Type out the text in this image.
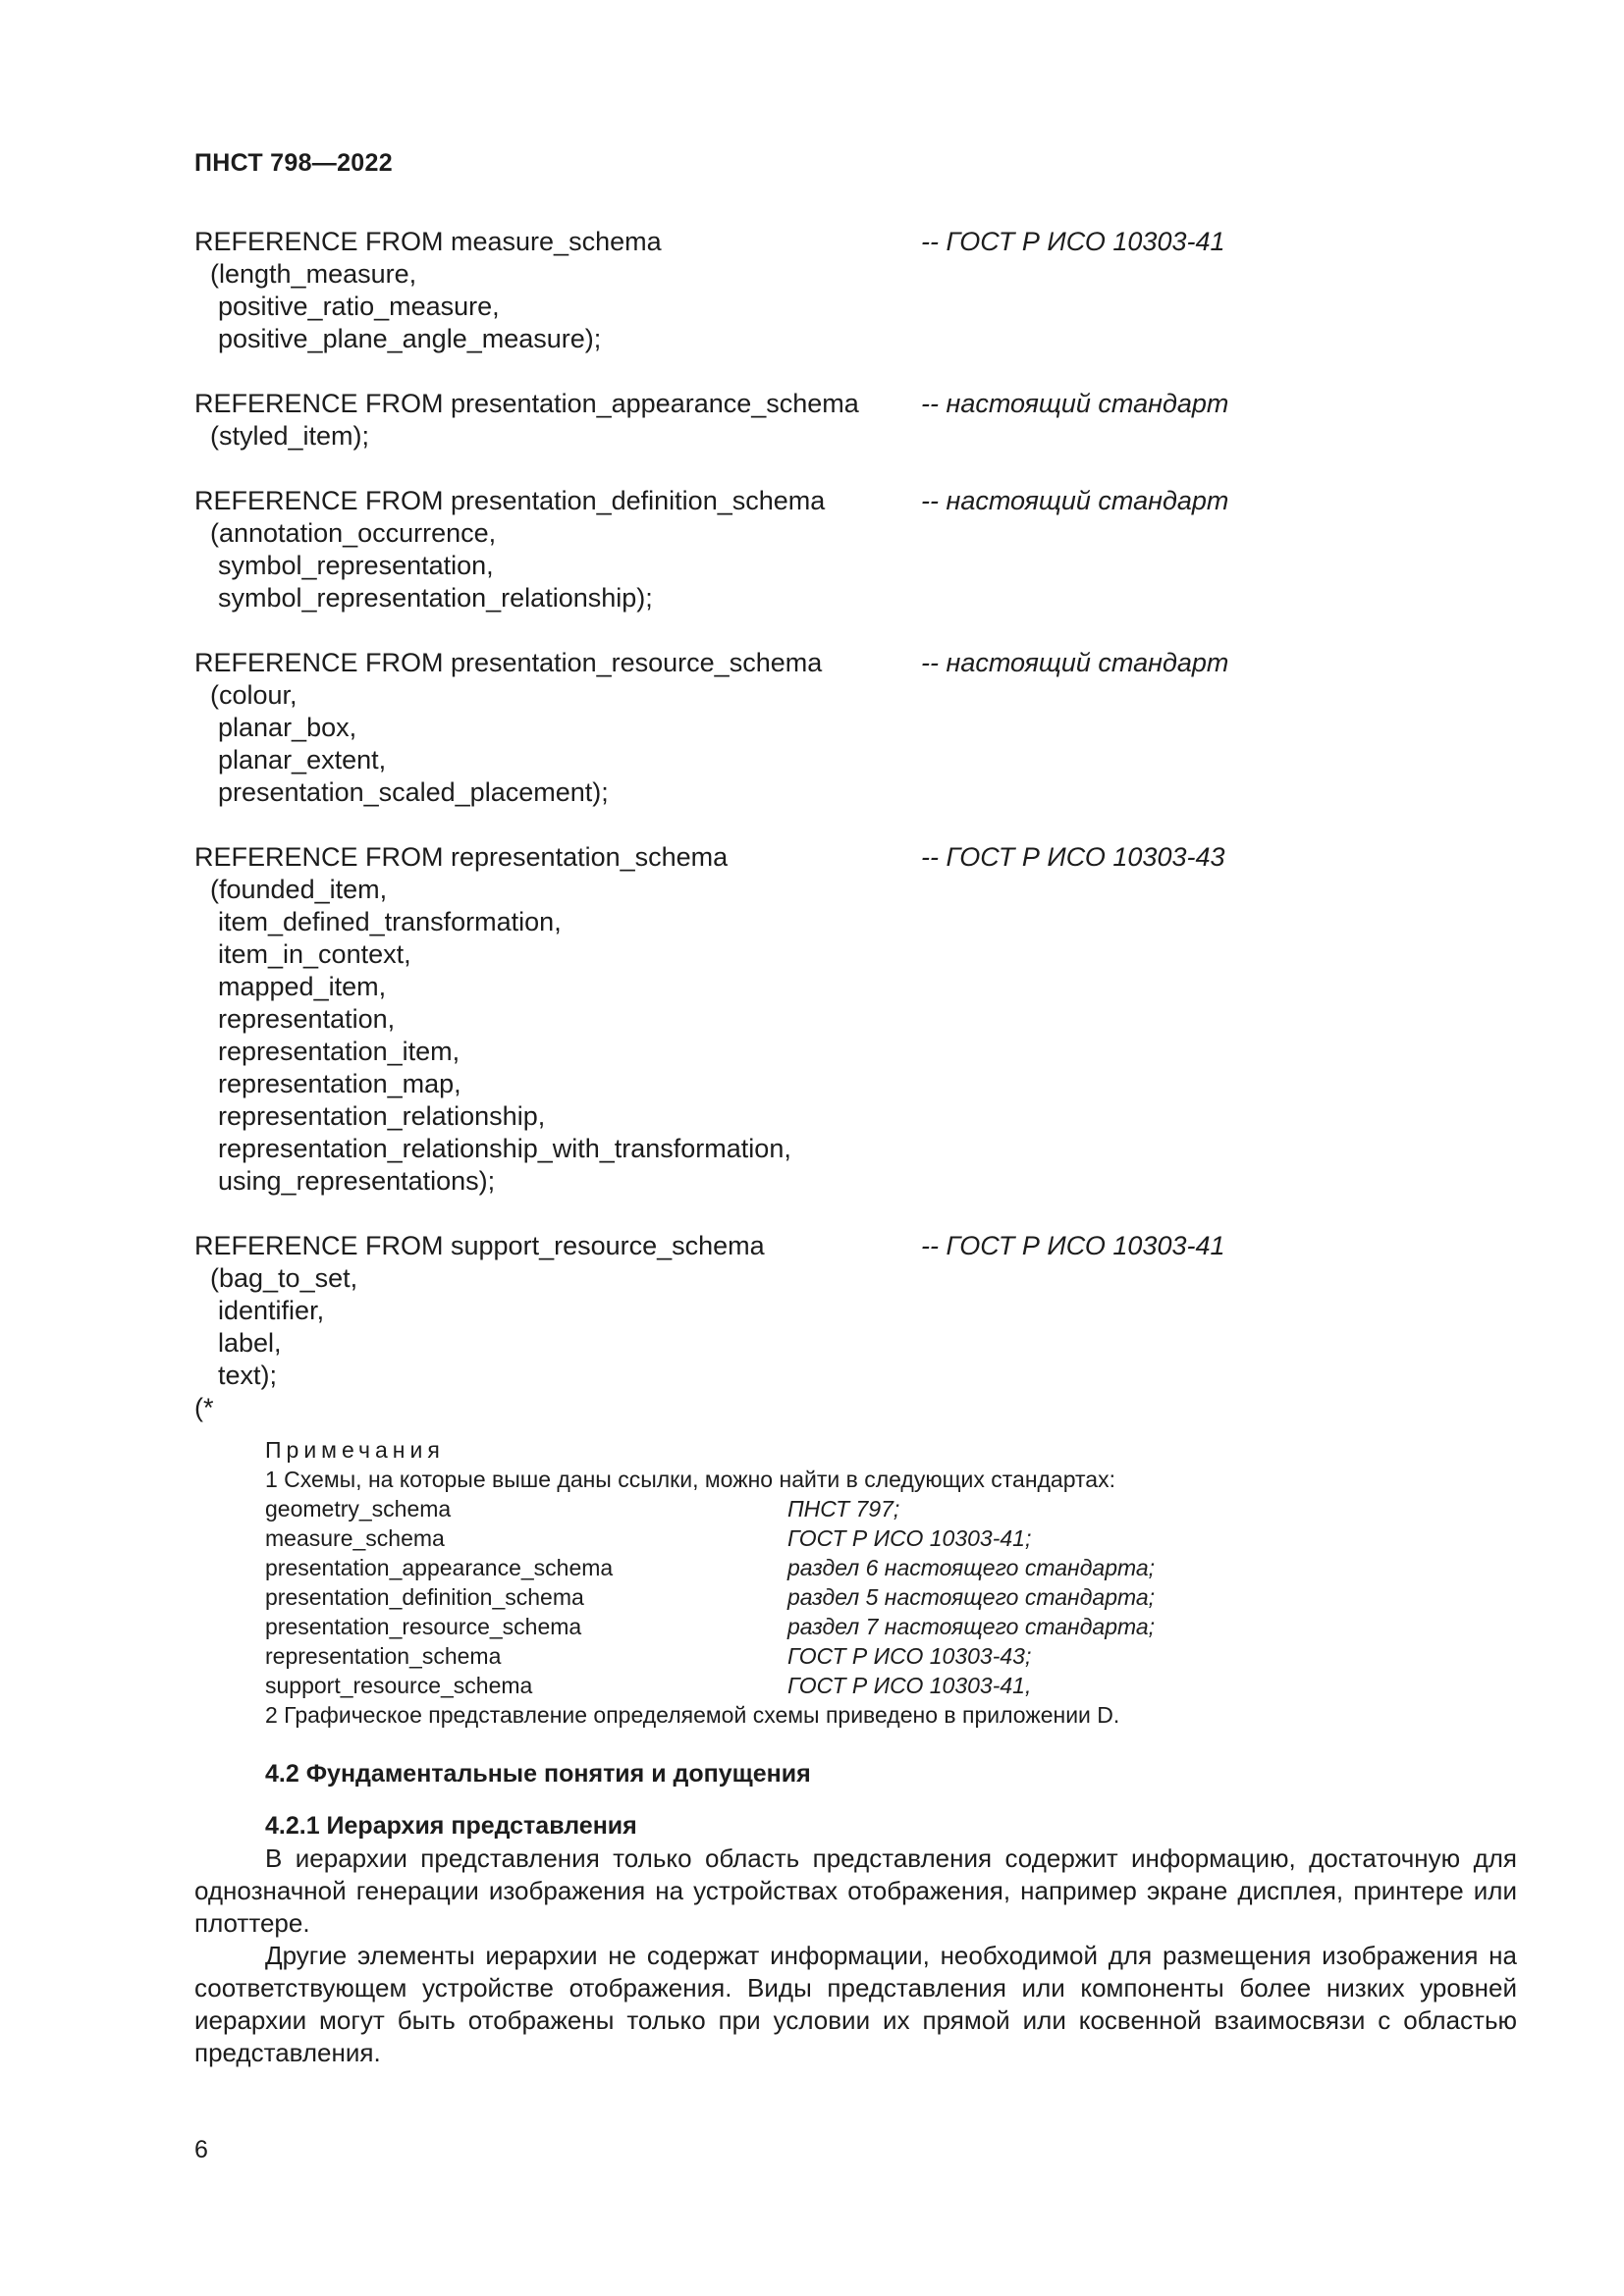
ПНСТ 798—2022
REFERENCE FROM measure_schema	-- ГОСТ Р ИСО 10303-41
(length_measure,
positive_ratio_measure,
positive_plane_angle_measure);
REFERENCE FROM presentation_appearance_schema	-- настоящий стандарт
(styled_item);
REFERENCE FROM presentation_definition_schema	-- настоящий стандарт
(annotation_occurrence,
symbol_representation,
symbol_representation_relationship);
REFERENCE FROM presentation_resource_schema	-- настоящий стандарт
(colour,
planar_box,
planar_extent,
presentation_scaled_placement);
REFERENCE FROM representation_schema	-- ГОСТ Р ИСО 10303-43
(founded_item,
item_defined_transformation,
item_in_context,
mapped_item,
representation,
representation_item,
representation_map,
representation_relationship,
representation_relationship_with_transformation,
using_representations);
REFERENCE FROM support_resource_schema	-- ГОСТ Р ИСО 10303-41
(bag_to_set,
identifier,
label,
text);
(*
Примечания
1 Схемы, на которые выше даны ссылки, можно найти в следующих стандартах:
geometry_schema	ПНСТ 797;
measure_schema	ГОСТ Р ИСО 10303-41;
presentation_appearance_schema	раздел 6 настоящего стандарта;
presentation_definition_schema	раздел 5 настоящего стандарта;
presentation_resource_schema	раздел 7 настоящего стандарта;
representation_schema	ГОСТ Р ИСО 10303-43;
support_resource_schema	ГОСТ Р ИСО 10303-41,
2 Графическое представление определяемой схемы приведено в приложении D.
4.2 Фундаментальные понятия и допущения
4.2.1 Иерархия представления

В иерархии представления только область представления содержит информацию, достаточную для однозначной генерации изображения на устройствах отображения, например экране дисплея, принтере или плоттере.

Другие элементы иерархии не содержат информации, необходимой для размещения изображения на соответствующем устройстве отображения. Виды представления или компоненты более низких уровней иерархии могут быть отображены только при условии их прямой или косвенной взаимосвязи с областью представления.

6
